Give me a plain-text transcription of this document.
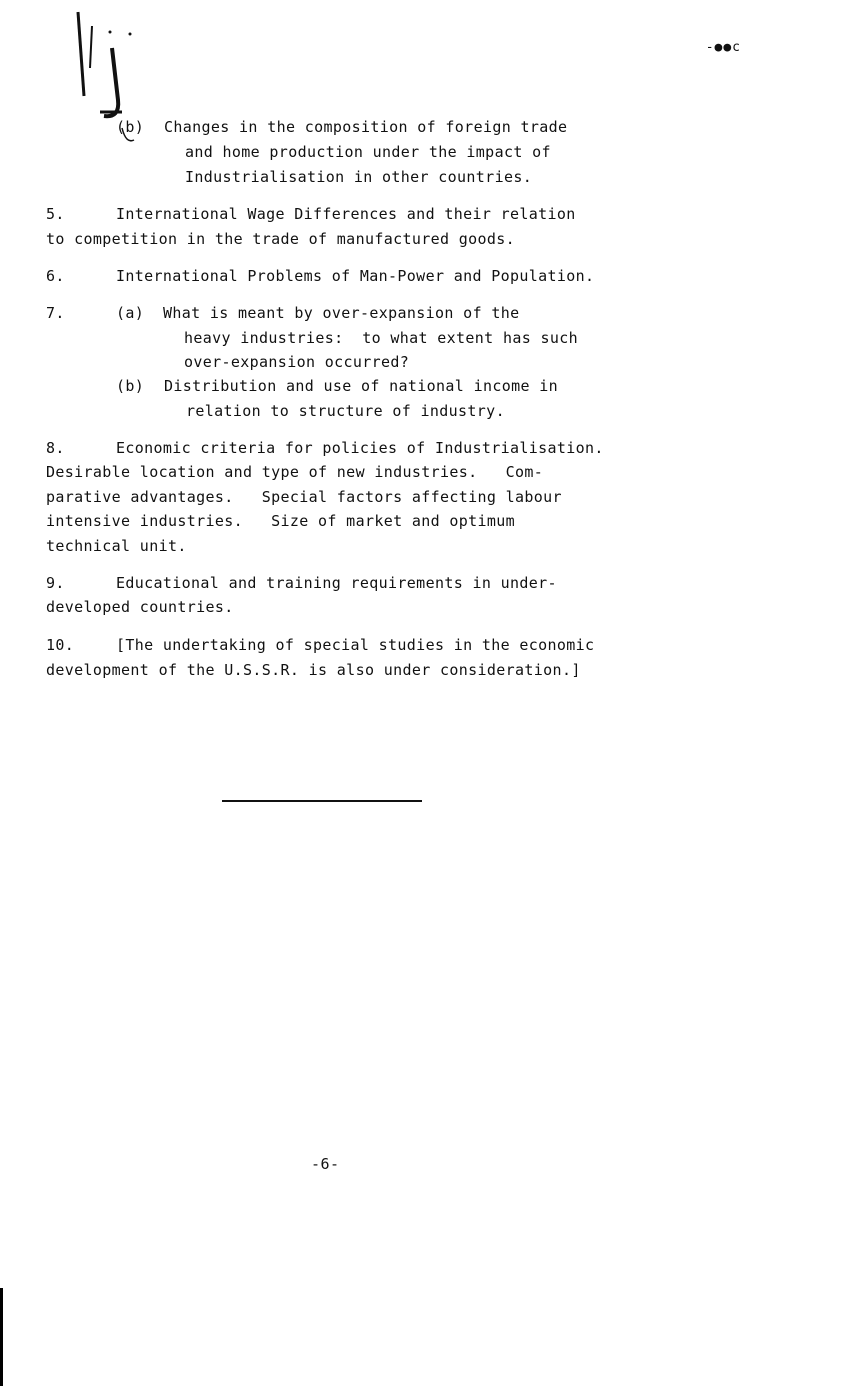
-●●c
(b) Changes in the composition of foreign trade
and home production under the impact of
Industrialisation in other countries.
5.	International Wage Differences and their relation
to competition in the trade of manufactured goods.
6.	International Problems of Man-Power and Population.
7.	(a) What is meant by over-expansion of the
heavy industries:  to what extent has such
over-expansion occurred?
(b) Distribution and use of national income in
relation to structure of industry.
8.	Economic criteria for policies of Industrialisation.
Desirable location and type of new industries.   Com-
parative advantages.   Special factors affecting labour
intensive industries.   Size of market and optimum
technical unit.
9.	Educational and training requirements in under-
developed countries.
10.	[The undertaking of special studies in the economic
development of the U.S.S.R. is also under consideration.]
-6-
